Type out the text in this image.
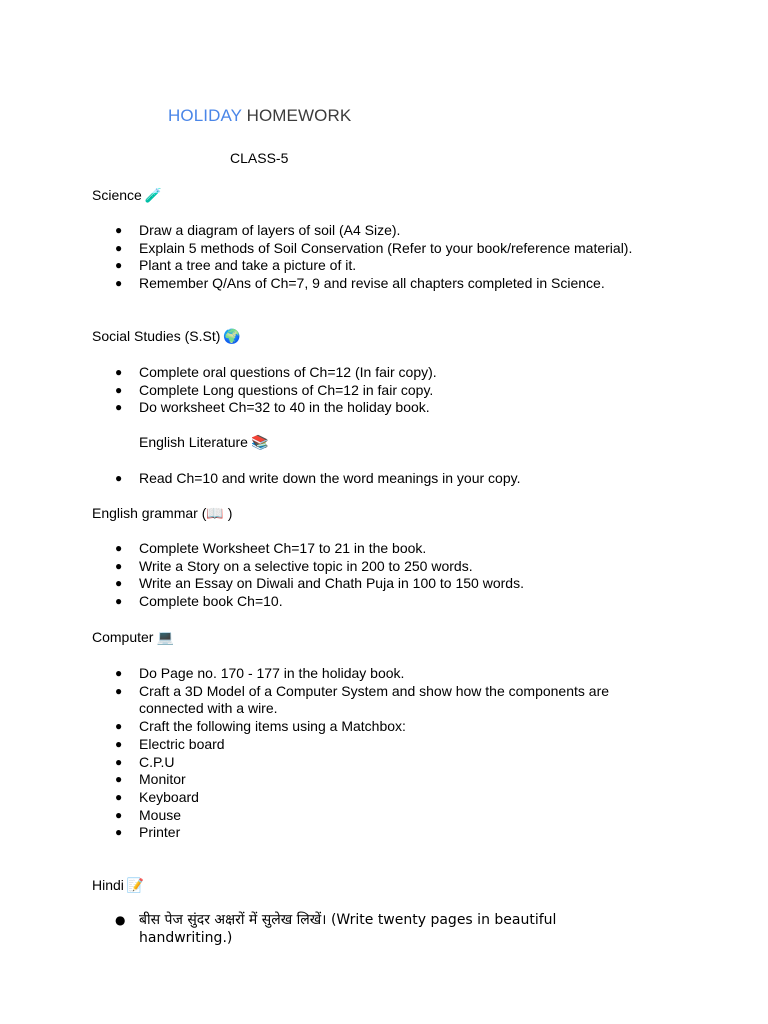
HOLIDAY HOMEWORK
CLASS-5
Science 🧪
● Draw a diagram of layers of soil (A4 Size).
● Explain 5 methods of Soil Conservation (Refer to your book/reference material).
● Plant a tree and take a picture of it.
● Remember Q/Ans of Ch=7, 9 and revise all chapters completed in Science.
Social Studies (S.St) 🌍
● Complete oral questions of Ch=12 (In fair copy).
● Complete Long questions of Ch=12 in fair copy.
● Do worksheet Ch=32 to 40 in the holiday book.
English Literature 📚
● Read Ch=10 and write down the word meanings in your copy.
English grammar (📖 )
● Complete Worksheet Ch=17 to 21 in the book.
● Write a Story on a selective topic in 200 to 250 words.
● Write an Essay on Diwali and Chath Puja in 100 to 150 words.
● Complete book Ch=10.
Computer 💻
● Do Page no. 170 - 177 in the holiday book.
● Craft a 3D Model of a Computer System and show how the components are connected with a wire.
● Craft the following items using a Matchbox:
● Electric board
● C.P.U
● Monitor
● Keyboard
● Mouse
● Printer
Hindi 📝
● बीस पेज सुंदर अक्षरों में सुलेख लिखें। (Write twenty pages in beautiful handwriting.)
